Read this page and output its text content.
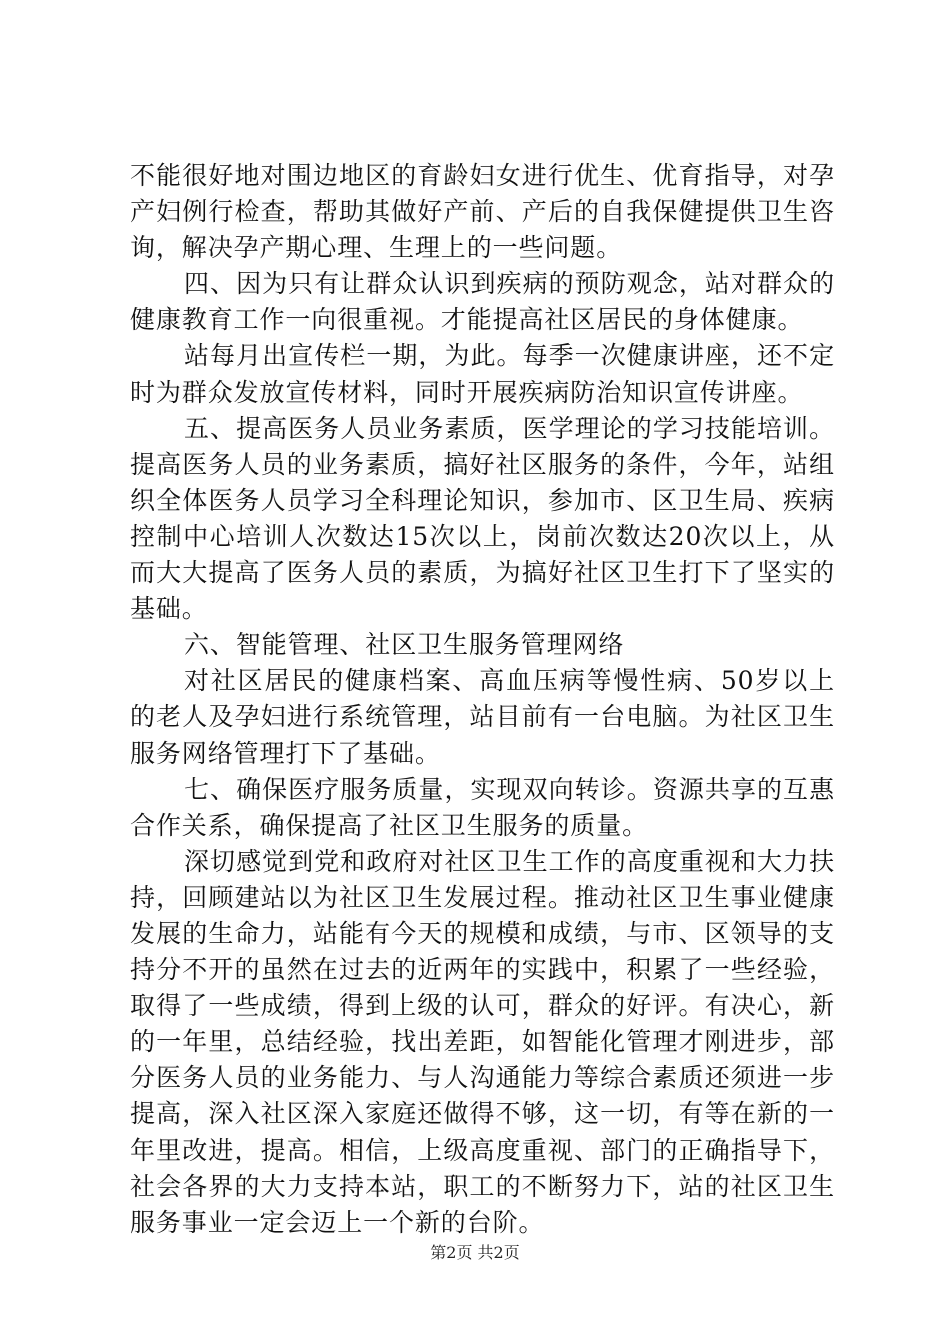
不能很好地对围边地区的育龄妇女进行优生、优育指导，对孕产妇例行检查，帮助其做好产前、产后的自我保健提供卫生咨询，解决孕产期心理、生理上的一些问题。

四、因为只有让群众认识到疾病的预防观念，站对群众的健康教育工作一向很重视。才能提高社区居民的身体健康。

站每月出宣传栏一期，为此。每季一次健康讲座，还不定时为群众发放宣传材料，同时开展疾病防治知识宣传讲座。

五、提高医务人员业务素质，医学理论的学习技能培训。提高医务人员的业务素质，搞好社区服务的条件，今年，站组织全体医务人员学习全科理论知识，参加市、区卫生局、疾病控制中心培训人次数达15次以上，岗前次数达20次以上，从而大大提高了医务人员的素质，为搞好社区卫生打下了坚实的基础。

六、智能管理、社区卫生服务管理网络

对社区居民的健康档案、高血压病等慢性病、50岁以上的老人及孕妇进行系统管理，站目前有一台电脑。为社区卫生服务网络管理打下了基础。

七、确保医疗服务质量，实现双向转诊。资源共享的互惠合作关系，确保提高了社区卫生服务的质量。

深切感觉到党和政府对社区卫生工作的高度重视和大力扶持，回顾建站以为社区卫生发展过程。推动社区卫生事业健康发展的生命力，站能有今天的规模和成绩，与市、区领导的支持分不开的虽然在过去的近两年的实践中，积累了一些经验，取得了一些成绩，得到上级的认可，群众的好评。有决心，新的一年里，总结经验，找出差距，如智能化管理才刚进步，部分医务人员的业务能力、与人沟通能力等综合素质还须进一步提高，深入社区深入家庭还做得不够，这一切，有等在新的一年里改进，提高。相信，上级高度重视、部门的正确指导下，社会各界的大力支持本站，职工的不断努力下，站的社区卫生服务事业一定会迈上一个新的台阶。

第2页 共2页
